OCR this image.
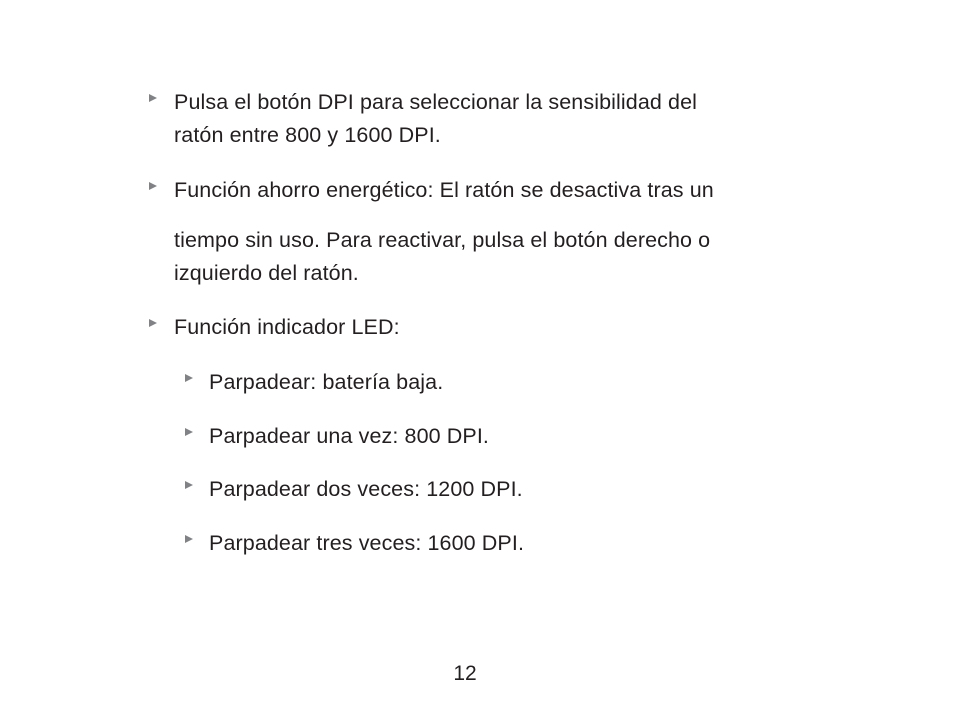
Pulsa el botón DPI para seleccionar la sensibilidad del
ratón entre 800 y 1600 DPI.
Función ahorro energético: El ratón se desactiva tras un
tiempo sin uso. Para reactivar, pulsa el botón derecho o
izquierdo del ratón.
Función indicador LED:
Parpadear: batería baja.
Parpadear una vez: 800 DPI.
Parpadear dos veces: 1200 DPI.
Parpadear tres veces: 1600 DPI.
12
